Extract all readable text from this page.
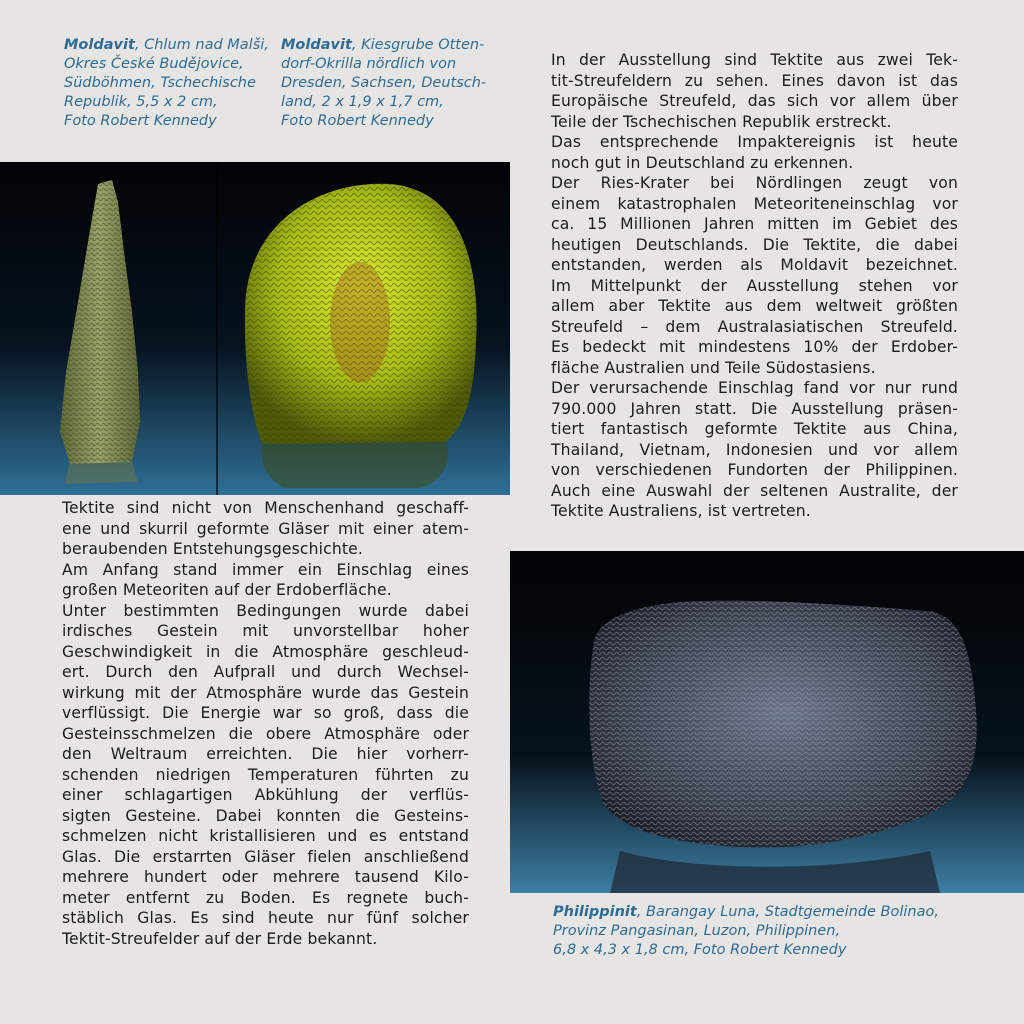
Moldavit, Chlum nad Malši,
Okres České Budějovice,
Südböhmen, Tschechische
Republik, 5,5 x 2 cm,
Foto Robert Kennedy
Moldavit, Kiesgrube Otten-
dorf-Okrilla nördlich von
Dresden, Sachsen, Deutsch-
land, 2 x 1,9 x 1,7 cm,
Foto Robert Kennedy
In der Ausstellung sind Tektite aus zwei Tek-
tit-Streufeldern zu sehen. Eines davon ist das
Europäische Streufeld, das sich vor allem über
Teile der Tschechischen Republik erstreckt.
Das entsprechende Impaktereignis ist heute
noch gut in Deutschland zu erkennen.
Der Ries-Krater bei Nördlingen zeugt von
einem katastrophalen Meteoriteneinschlag vor
ca. 15 Millionen Jahren mitten im Gebiet des
heutigen Deutschlands. Die Tektite, die dabei
entstanden, werden als Moldavit bezeichnet.
Im Mittelpunkt der Ausstellung stehen vor
allem aber Tektite aus dem weltweit größten
Streufeld – dem Australasiatischen Streufeld.
Es bedeckt mit mindestens 10% der Erdober-
fläche Australien und Teile Südostasiens.
Der verursachende Einschlag fand vor nur rund
790.000 Jahren statt. Die Ausstellung präsen-
tiert fantastisch geformte Tektite aus China,
Thailand, Vietnam, Indonesien und vor allem
von verschiedenen Fundorten der Philippinen.
Auch eine Auswahl der seltenen Australite, der
Tektite Australiens, ist vertreten.
Tektite sind nicht von Menschenhand geschaff-
ene und skurril geformte Gläser mit einer atem-
beraubenden Entstehungsgeschichte.
Am Anfang stand immer ein Einschlag eines
großen Meteoriten auf der Erdoberfläche.
Unter bestimmten Bedingungen wurde dabei
irdisches Gestein mit unvorstellbar hoher
Geschwindigkeit in die Atmosphäre geschleud-
ert. Durch den Aufprall und durch Wechsel-
wirkung mit der Atmosphäre wurde das Gestein
verflüssigt. Die Energie war so groß, dass die
Gesteinsschmelzen die obere Atmosphäre oder
den Weltraum erreichten. Die hier vorherr-
schenden niedrigen Temperaturen führten zu
einer schlagartigen Abkühlung der verflüs-
sigten Gesteine. Dabei konnten die Gesteins-
schmelzen nicht kristallisieren und es entstand
Glas. Die erstarrten Gläser fielen anschließend
mehrere hundert oder mehrere tausend Kilo-
meter entfernt zu Boden. Es regnete buch-
stäblich Glas. Es sind heute nur fünf solcher
Tektit-Streufelder auf der Erde bekannt.
Philippinit, Barangay Luna, Stadtgemeinde Bolinao,
Provinz Pangasinan, Luzon, Philippinen,
6,8 x 4,3 x 1,8 cm, Foto Robert Kennedy
